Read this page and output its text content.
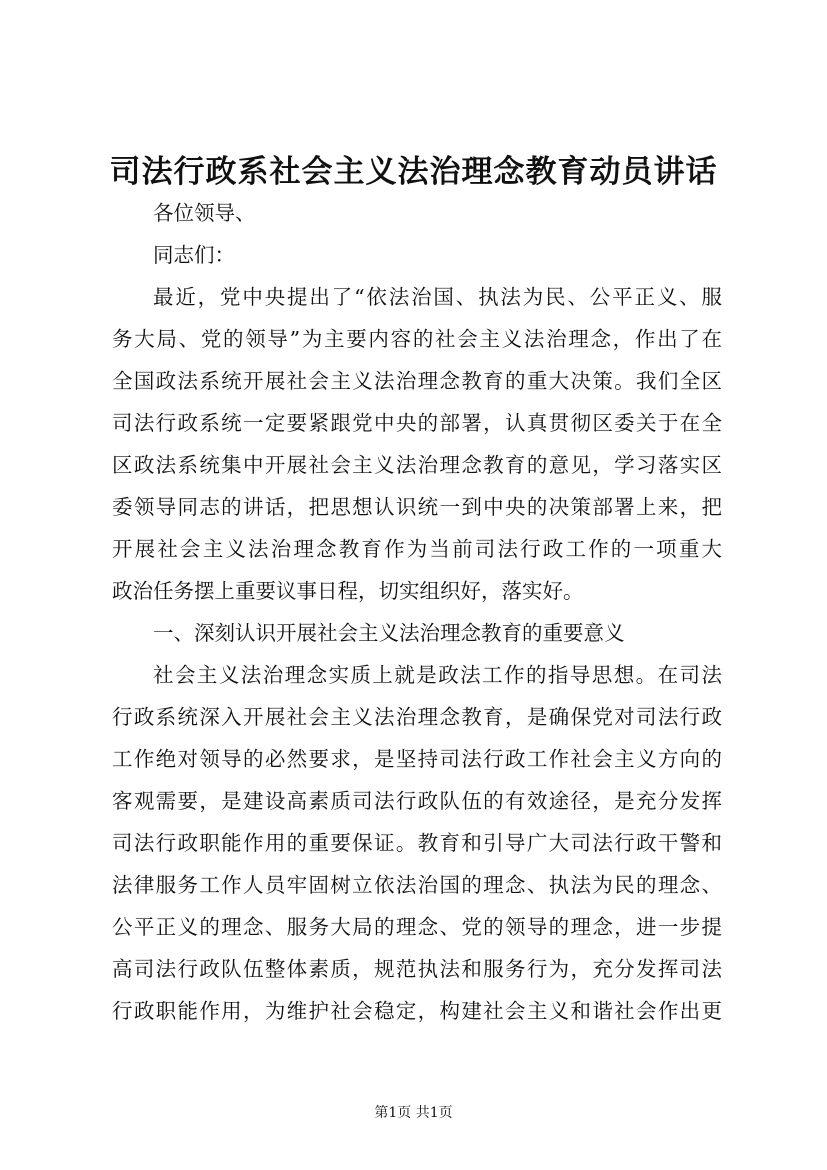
司法行政系社会主义法治理念教育动员讲话
各位领导、
同志们：
最近，党中央提出了“依法治国、执法为民、公平正义、服
务大局、党的领导”为主要内容的社会主义法治理念，作出了在
全国政法系统开展社会主义法治理念教育的重大决策。我们全区
司法行政系统一定要紧跟党中央的部署，认真贯彻区委关于在全
区政法系统集中开展社会主义法治理念教育的意见，学习落实区
委领导同志的讲话，把思想认识统一到中央的决策部署上来，把
开展社会主义法治理念教育作为当前司法行政工作的一项重大
政治任务摆上重要议事日程，切实组织好，落实好。
一、深刻认识开展社会主义法治理念教育的重要意义
社会主义法治理念实质上就是政法工作的指导思想。在司法
行政系统深入开展社会主义法治理念教育，是确保党对司法行政
工作绝对领导的必然要求，是坚持司法行政工作社会主义方向的
客观需要，是建设高素质司法行政队伍的有效途径，是充分发挥
司法行政职能作用的重要保证。教育和引导广大司法行政干警和
法律服务工作人员牢固树立依法治国的理念、执法为民的理念、
公平正义的理念、服务大局的理念、党的领导的理念，进一步提
高司法行政队伍整体素质，规范执法和服务行为，充分发挥司法
行政职能作用，为维护社会稳定，构建社会主义和谐社会作出更
第1页 共1页
